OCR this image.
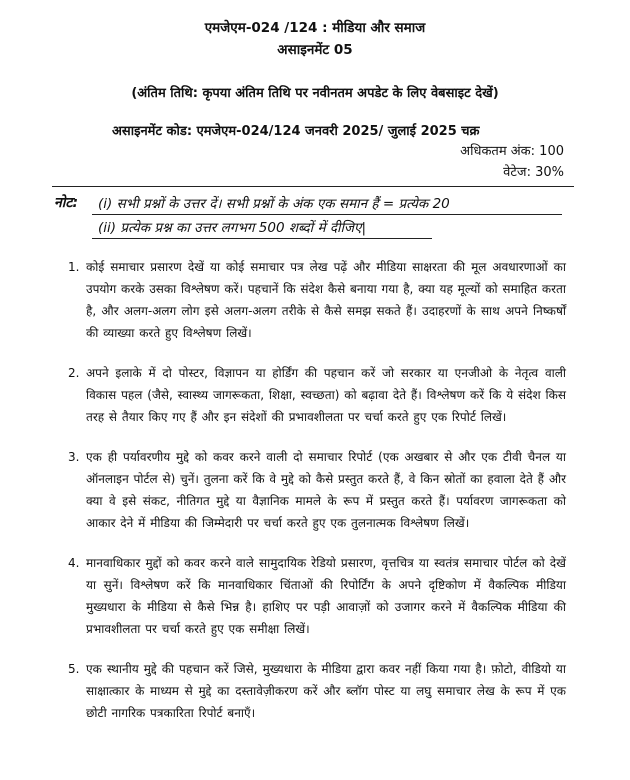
एमजेएम-024 /124 : मीडिया और समाज
असाइनमेंट 05
(अंतिम तिथि: कृपया अंतिम तिथि पर नवीनतम अपडेट के लिए वेबसाइट देखें)
असाइनमेंट कोड: एमजेएम-024/124 जनवरी 2025/ जुलाई 2025 चक्र
अधिकतम अंक: 100
वेटेज: 30%
नोट: (i) सभी प्रश्नों के उत्तर दें। सभी प्रश्नों के अंक एक समान हैं = प्रत्येक 20
(ii) प्रत्येक प्रश्न का उत्तर लगभग 500 शब्दों में दीजिए|
1. कोई समाचार प्रसारण देखें या कोई समाचार पत्र लेख पढ़ें और मीडिया साक्षरता की मूल अवधारणाओं का उपयोग करके उसका विश्लेषण करें। पहचानें कि संदेश कैसे बनाया गया है, क्या यह मूल्यों को समाहित करता है, और अलग-अलग लोग इसे अलग-अलग तरीके से कैसे समझ सकते हैं। उदाहरणों के साथ अपने निष्कर्षों की व्याख्या करते हुए विश्लेषण लिखें।
2. अपने इलाके में दो पोस्टर, विज्ञापन या होर्डिंग की पहचान करें जो सरकार या एनजीओ के नेतृत्व वाली विकास पहल (जैसे, स्वास्थ्य जागरूकता, शिक्षा, स्वच्छता) को बढ़ावा देते हैं। विश्लेषण करें कि ये संदेश किस तरह से तैयार किए गए हैं और इन संदेशों की प्रभावशीलता पर चर्चा करते हुए एक रिपोर्ट लिखें।
3. एक ही पर्यावरणीय मुद्दे को कवर करने वाली दो समाचार रिपोर्ट (एक अखबार से और एक टीवी चैनल या ऑनलाइन पोर्टल से) चुनें। तुलना करें कि वे मुद्दे को कैसे प्रस्तुत करते हैं, वे किन स्रोतों का हवाला देते हैं और क्या वे इसे संकट, नीतिगत मुद्दे या वैज्ञानिक मामले के रूप में प्रस्तुत करते हैं। पर्यावरण जागरूकता को आकार देने में मीडिया की जिम्मेदारी पर चर्चा करते हुए एक तुलनात्मक विश्लेषण लिखें।
4. मानवाधिकार मुद्दों को कवर करने वाले सामुदायिक रेडियो प्रसारण, वृत्तचित्र या स्वतंत्र समाचार पोर्टल को देखें या सुनें। विश्लेषण करें कि मानवाधिकार चिंताओं की रिपोर्टिंग के अपने दृष्टिकोण में वैकल्पिक मीडिया मुख्यधारा के मीडिया से कैसे भिन्न है। हाशिए पर पड़ी आवाज़ों को उजागर करने में वैकल्पिक मीडिया की प्रभावशीलता पर चर्चा करते हुए एक समीक्षा लिखें।
5. एक स्थानीय मुद्दे की पहचान करें जिसे, मुख्यधारा के मीडिया द्वारा कवर नहीं किया गया है। फ़ोटो, वीडियो या साक्षात्कार के माध्यम से मुद्दे का दस्तावेज़ीकरण करें और ब्लॉग पोस्ट या लघु समाचार लेख के रूप में एक छोटी नागरिक पत्रकारिता रिपोर्ट बनाएँ।
